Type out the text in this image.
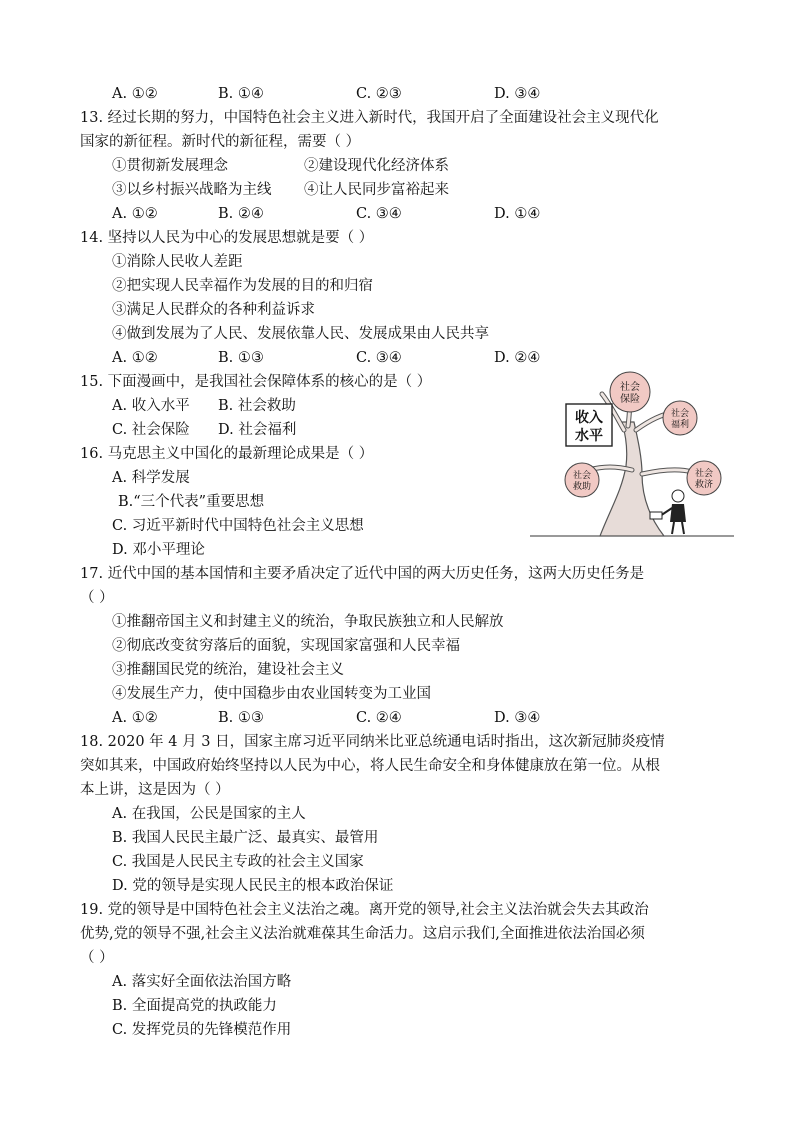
A. ①②	B. ①④	C. ②③	D. ③④
13. 经过长期的努力，中国特色社会主义进入新时代，我国开启了全面建设社会主义现代化
国家的新征程。新时代的新征程，需要（ ）
①贯彻新发展理念	②建设现代化经济体系
③以乡村振兴战略为主线 ④让人民同步富裕起来
A. ①②	B. ②④	C. ③④	D. ①④
14. 坚持以人民为中心的发展思想就是要（ ）
①消除人民收人差距
②把实现人民幸福作为发展的目的和归宿
③满足人民群众的各种利益诉求
④做到发展为了人民、发展依靠人民、发展成果由人民共享
A. ①②	B. ①③	C. ③④	D. ②④
15. 下面漫画中，是我国社会保障体系的核心的是（ ）
A. 收入水平 B. 社会救助
C. 社会保险 D. 社会福利
收入
水平
社会
保险
社会
福利
社会
救助
社会
救济
16. 马克思主义中国化的最新理论成果是（ ）
A. 科学发展
B.“三个代表”重要思想
C. 习近平新时代中国特色社会主义思想
D. 邓小平理论
17. 近代中国的基本国情和主要矛盾决定了近代中国的两大历史任务，这两大历史任务是
（ ）
①推翻帝国主义和封建主义的统治，争取民族独立和人民解放
②彻底改变贫穷落后的面貌，实现国家富强和人民幸福
③推翻国民党的统治，建设社会主义
④发展生产力，使中国稳步由农业国转变为工业国
A. ①②	B. ①③	C. ②④	D. ③④
18. 2020 年 4 月 3 日，国家主席习近平同纳米比亚总统通电话时指出，这次新冠肺炎疫情
突如其来，中国政府始终坚持以人民为中心，将人民生命安全和身体健康放在第一位。从根
本上讲，这是因为（ ）
A. 在我国，公民是国家的主人
B. 我国人民民主最广泛、最真实、最管用
C. 我国是人民民主专政的社会主义国家
D. 党的领导是实现人民民主的根本政治保证
19. 党的领导是中国特色社会主义法治之魂。离开党的领导,社会主义法治就会失去其政治
优势,党的领导不强,社会主义法治就难葆其生命活力。这启示我们,全面推进依法治国必须
（ ）
A. 落实好全面依法治国方略
B. 全面提高党的执政能力
C. 发挥党员的先锋模范作用
